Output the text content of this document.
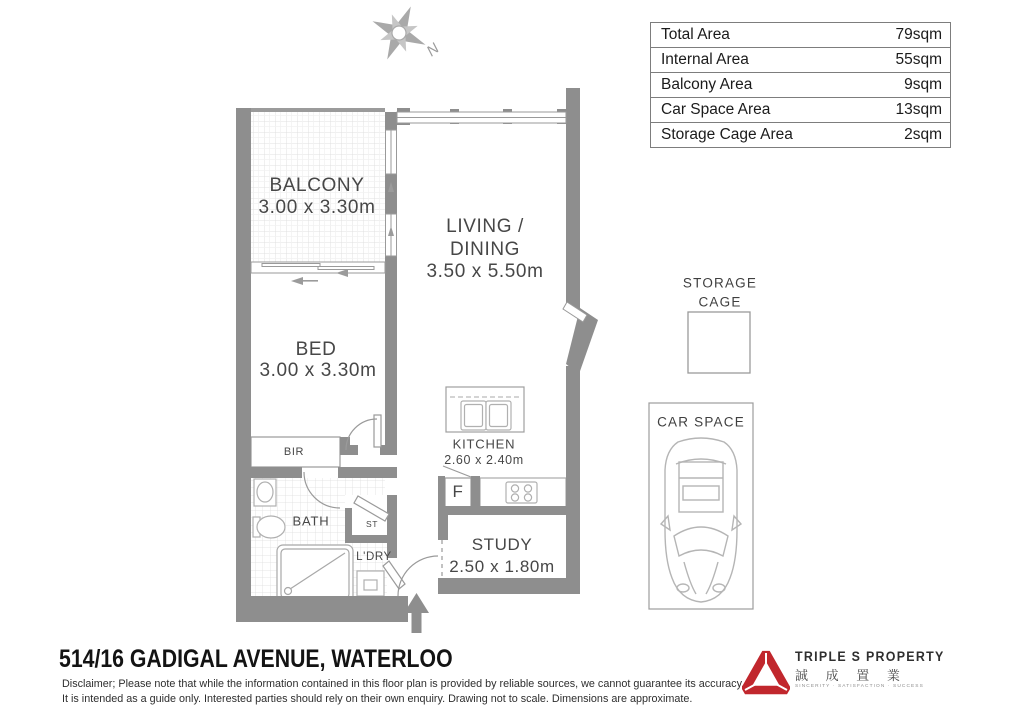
N
Total Area	79sqm
Internal Area	55sqm
Balcony Area	9sqm
Car Space Area	13sqm
Storage Cage Area	2sqm
BALCONY
3.00 x 3.30m
LIVING /
DINING
3.50 x 5.50m
BED
3.00 x 3.30m
BIR
KITCHEN
2.60 x 2.40m
F
BATH	ST
L'DRY
STUDY
2.50 x 1.80m
STORAGE
CAGE
CAR SPACE
514/16 GADIGAL AVENUE, WATERLOO
Disclaimer; Please note that while the information contained in this floor plan is provided by reliable sources, we cannot guarantee its accuracy.
It is intended as a guide only. Interested parties should rely on their own enquiry. Drawing not to scale. Dimensions are approximate.
TRIPLE S PROPERTY
誠 成 置 業
SINCERITY · SATISFACTION · SUCCESS
